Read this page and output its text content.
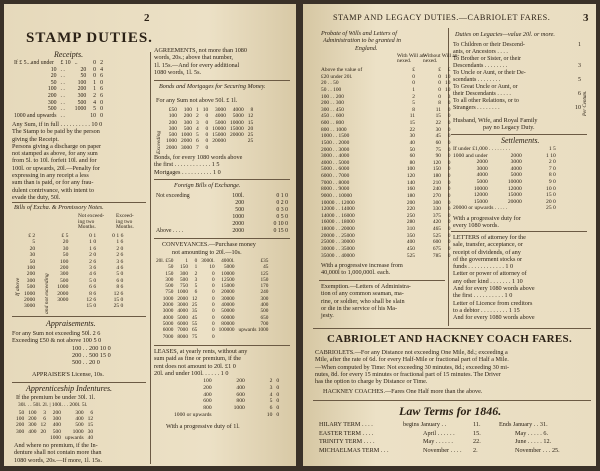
2
STAMP DUTIES.
Receipts.
If £ 5...and under	£ 10	..	0	2
10	. .	20	0	4
20	. .	50	0	6
50	. .	100	1	0
100	. .	200	1	6
200	. .	300	2	6
300	. .	500	4	0
500	. .	1000	5	0
1000 and upwards	. .		10	0
Any Sum, if in full . . . . . . . . . . 10 0
The Stamp to be paid by the person
giving the Receipt.
Persons giving a discharge on paper
not stamped as above, for any sum
from 5l. to 10l. forfeit 10l. and for
100l. or upwards, 20l.—Penalty for
expressing in any receipt a less
sum than is paid, or for any frau-
dulent contrivance, with intent to
evade the duty, 50l.
Bills of Excha. & Promissory Notes.
Not exceed-
ing two
Months.
Exceed-
ing two
Months.
If above	and not exceeding
£ 2		£ 5		0 1		0 1 6
5		20		1 0		1 6
20		30		1 6		2 0
30		50		2 0		2 6
50		100		2 6		3 6
100		200		3 6		4 6
200		300		4 6		5 0
300		500		5 0		6 0
500		1000		6 6		8 6
1000		2000		8 6		12 6
2000		3000		12 6		15 0
3000				15 0		25 0
Appraisements.
For any Sum not exceeding 50l. 2 6
Exceeding £50 & not above 100 5 0
100 . . 200 10 0
200 . . 500 15 0
500 . . 20 0
APPRAISER'S License, 10s.
Apprenticeship Indentures.
If the premium be under 30l. 1l.
30l. . . 50l. 2l. | 100l. . . 200l. 5l.
50	100	3	200	300	6
100	200	6	300	400	12
200	300	12	400	500	15
300	400	20	500	1000	30
			1000	upwards	40
And where no premium, if the In-
denture shall not contain more than
1080 words, 20s.—If more, 1l. 15s.
AGREEMENTS, not more than 1080
words, 20s.; above that number,
1l. 15s.—And for every additional
1080 words, 1l. 5s.
Bonds and Mortgages for Securing Money.
For any Sum not above 50l. £ 1l.
Exceeding
£50	100	1	10	3000	4000	8
100	200	2	0	4000	5000	12
200	300	3	0	5000	10000	15
300	500	4	0	10000	15000	20
500	1000	5	0	15000	20000	25
1000	2000	6	0	20000		25
2000	3000	7	0			
Bonds, for every 1080 words above
the first . . . . . . . . . . . . 1 5
Mortgages . . . . . . . . . . 1 0
Foreign Bills of Exchange.
Not exceeding	100l.	0 1 0
	200	0 2 0
	500	0 3 0
	1000	0 5 0
	2000	0 10 0
Above . . . .	2000	0 15 0
CONVEYANCES.—Purchase money
not amounting to 20l.—10s.
20l. £50	1	0	3000l.	4000l.	£35
50	150	1	10	5000	45
150	300	2	0	10000	125
300	500	3	0	12500	150
500	750	5	0	15000	170
750	1000	6	0	20000	240
1000	2000	12	0	30000	300
2000	3000	25	0	40000	400
3000	4000	35	0	50000	500
4000	5000	45	0	60000	650
5000	6000	55	0	80000	700
6000	7000	65	0	100000	upwards 1000
7000	8000	75	0		
LEASES, at yearly rents, without any
sum paid as fine or premium, if the
rent does not amount to 20l. £1 0
20l. and under 100l. . . . . . 1 0
100		200		2	0
200		400		3	0
400		600		4	0
600		800		5	0
800		1000		6	0
1000 or upwards				10	0
With a progressive duty of 1l.
STAMP AND LEGACY DUTIES.—CABRIOLET FARES.	3
Probate of Wills and Letters of
Administration to be granted in
England.
With Will an-
nexed.
Without Will an-
nexed.
Above the value of	£	£	£
£20 under 20l.	0	0	10
20 . . 50	0	0	10
50 . . 100	1	0	10
100 . . 200	2	0	3
200 . . 300	5	8	0
300 . . 450	8	11	0
450 . . 600	11	15	0
600 . . 800	15	22	0
800 . . 1000	22	30	0
1000 . . 1500	30	45	0
1500 . . 2000	40	60	0
2000 . . 3000	50	75	0
3000 . . 4000	60	90	0
4000 . . 5000	80	120	0
5000 . . 6000	100	150	0
6000 . . 7000	120	180	0
7000 . . 8000	140	210	0
8000 . . 9000	160	240	0
9000 . . 10000	180	270	0
10000 . . 12000	200	300	0
12000 . . 14000	220	330	0
14000 . . 16000	250	375	0
16000 . . 18000	280	420	0
18000 . . 20000	310	465	0
20000 . . 25000	350	525	0
25000 . . 30000	400	600	0
30000 . . 35000	450	675	0
35000 . . 40000	525	785	0
With a progressive increase from
40,000l to 1,000,000l. each.
Exemption.—Letters of Administra-
tion of any common seaman, ma-
rine, or soldier, who shall be slain
or die in the service of his Ma-
jesty.
Duties on Legacies—value 20l. or more.
To Children or their Descend-	1
ants, or Ancestors . . . .	
To Brother or Sister, or their	
Descendants . . . . . . . .	3
To Uncle or Aunt, or their De-	
scendants . . . . . . . .	5
To Great Uncle or Aunt, or	
their Descendants . . . . .	6
To all other Relations, or to	
Strangers . . . . . . . .	10 Per Centum.
Husband, Wife, and Royal Family
pay no Legacy Duty.
Settlements.
If under £1,000 . . . . . . . .		1 5
1000 and under	2000	1 10
2000	3000	2 0
3000	4000	7 0
4000	5000	8 0
5000	10000	9 0
10000	12000	10 0
12000	15000	15 0
15000	20000	20 0
20000 or upwards . . . . .		25 0
With a progressive duty for
every 1080 words.
LETTERS of attorney for the
sale, transfer, acceptance, or
receipt of dividends, of any
of the government stocks or
funds . . . . . . . . . . . . 1 0
Letter or power of attorney of
any other kind . . . . . . . 1 10
And for every 1080 words above
the first . . . . . . . . . . 1 0
Letter of Licence from creditors
to a debtor . . . . . . . . . 1 15
And for every 1080 words above
CABRIOLET AND HACKNEY COACH FARES.
CABRIOLETS.—For any Distance not exceeding One Mile, 8d.; exceeding a
Mile, after the rate of 6d. for every Half-Mile or fractional part of Half a Mile.
—When computed by Time: Not exceeding 30 minutes, 8d.; exceeding 30 mi-
nutes, 8d. for every 15 minutes or fractional part of 15 minutes. The Driver
has the option to charge by Distance or Time.
HACKNEY COACHES.—Fares One Half more than the above.
Law Terms for 1846.
HILARY TERM . . . .	begins January . .	11.	Ends January . . 31.
EASTER TERM . . . .	April . . . . . .	15.	May . . . . . 6.
TRINITY TERM . . . .	May . . . . . .	22.	June . . . . . 12.
MICHAELMAS TERM . . .	November . . . .	2.	November . . . 25.
